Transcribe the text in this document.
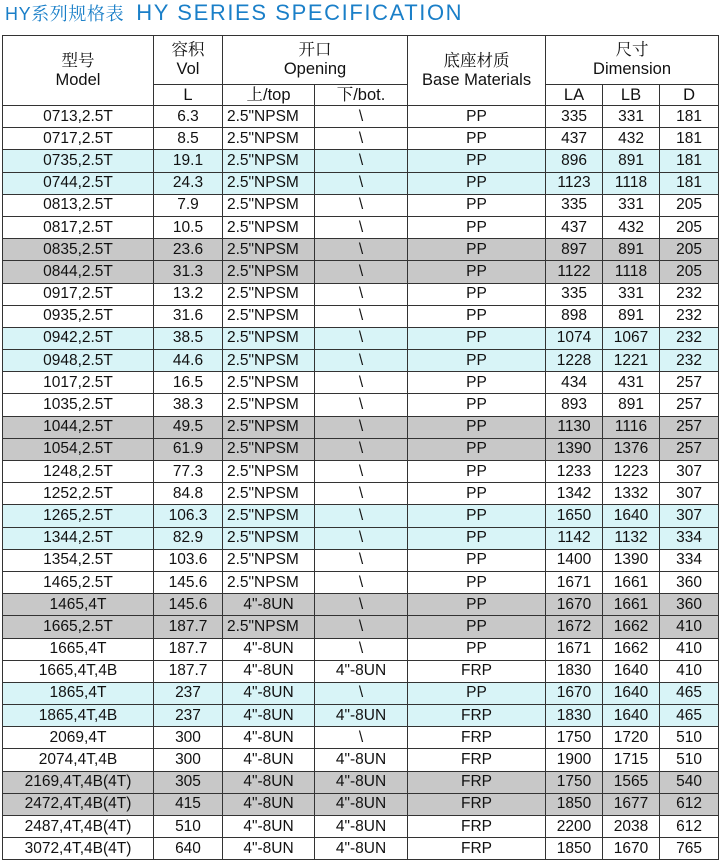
HY系列规格表 HY SERIES SPECIFICATION
型号
Model	容积
Vol	开口
Opening		底座材质
Base Materials	尺寸
Dimension		
	L	上/top	下/bot.		LA	LB	D
0713,2.5T	6.3	2.5"NPSM	\	PP	335	331	181
0717,2.5T	8.5	2.5"NPSM	\	PP	437	432	181
0735,2.5T	19.1	2.5"NPSM	\	PP	896	891	181
0744,2.5T	24.3	2.5"NPSM	\	PP	1123	1118	181
0813,2.5T	7.9	2.5"NPSM	\	PP	335	331	205
0817,2.5T	10.5	2.5"NPSM	\	PP	437	432	205
0835,2.5T	23.6	2.5"NPSM	\	PP	897	891	205
0844,2.5T	31.3	2.5"NPSM	\	PP	1122	1118	205
0917,2.5T	13.2	2.5"NPSM	\	PP	335	331	232
0935,2.5T	31.6	2.5"NPSM	\	PP	898	891	232
0942,2.5T	38.5	2.5"NPSM	\	PP	1074	1067	232
0948,2.5T	44.6	2.5"NPSM	\	PP	1228	1221	232
1017,2.5T	16.5	2.5"NPSM	\	PP	434	431	257
1035,2.5T	38.3	2.5"NPSM	\	PP	893	891	257
1044,2.5T	49.5	2.5"NPSM	\	PP	1130	1116	257
1054,2.5T	61.9	2.5"NPSM	\	PP	1390	1376	257
1248,2.5T	77.3	2.5"NPSM	\	PP	1233	1223	307
1252,2.5T	84.8	2.5"NPSM	\	PP	1342	1332	307
1265,2.5T	106.3	2.5"NPSM	\	PP	1650	1640	307
1344,2.5T	82.9	2.5"NPSM	\	PP	1142	1132	334
1354,2.5T	103.6	2.5"NPSM	\	PP	1400	1390	334
1465,2.5T	145.6	2.5"NPSM	\	PP	1671	1661	360
1465,4T	145.6	4"-8UN	\	PP	1670	1661	360
1665,2.5T	187.7	2.5"NPSM	\	PP	1672	1662	410
1665,4T	187.7	4"-8UN	\	PP	1671	1662	410
1665,4T,4B	187.7	4"-8UN	4"-8UN	FRP	1830	1640	410
1865,4T	237	4"-8UN	\	PP	1670	1640	465
1865,4T,4B	237	4"-8UN	4"-8UN	FRP	1830	1640	465
2069,4T	300	4"-8UN	\	FRP	1750	1720	510
2074,4T,4B	300	4"-8UN	4"-8UN	FRP	1900	1715	510
2169,4T,4B(4T)	305	4"-8UN	4"-8UN	FRP	1750	1565	540
2472,4T,4B(4T)	415	4"-8UN	4"-8UN	FRP	1850	1677	612
2487,4T,4B(4T)	510	4"-8UN	4"-8UN	FRP	2200	2038	612
3072,4T,4B(4T)	640	4"-8UN	4"-8UN	FRP	1850	1670	765
